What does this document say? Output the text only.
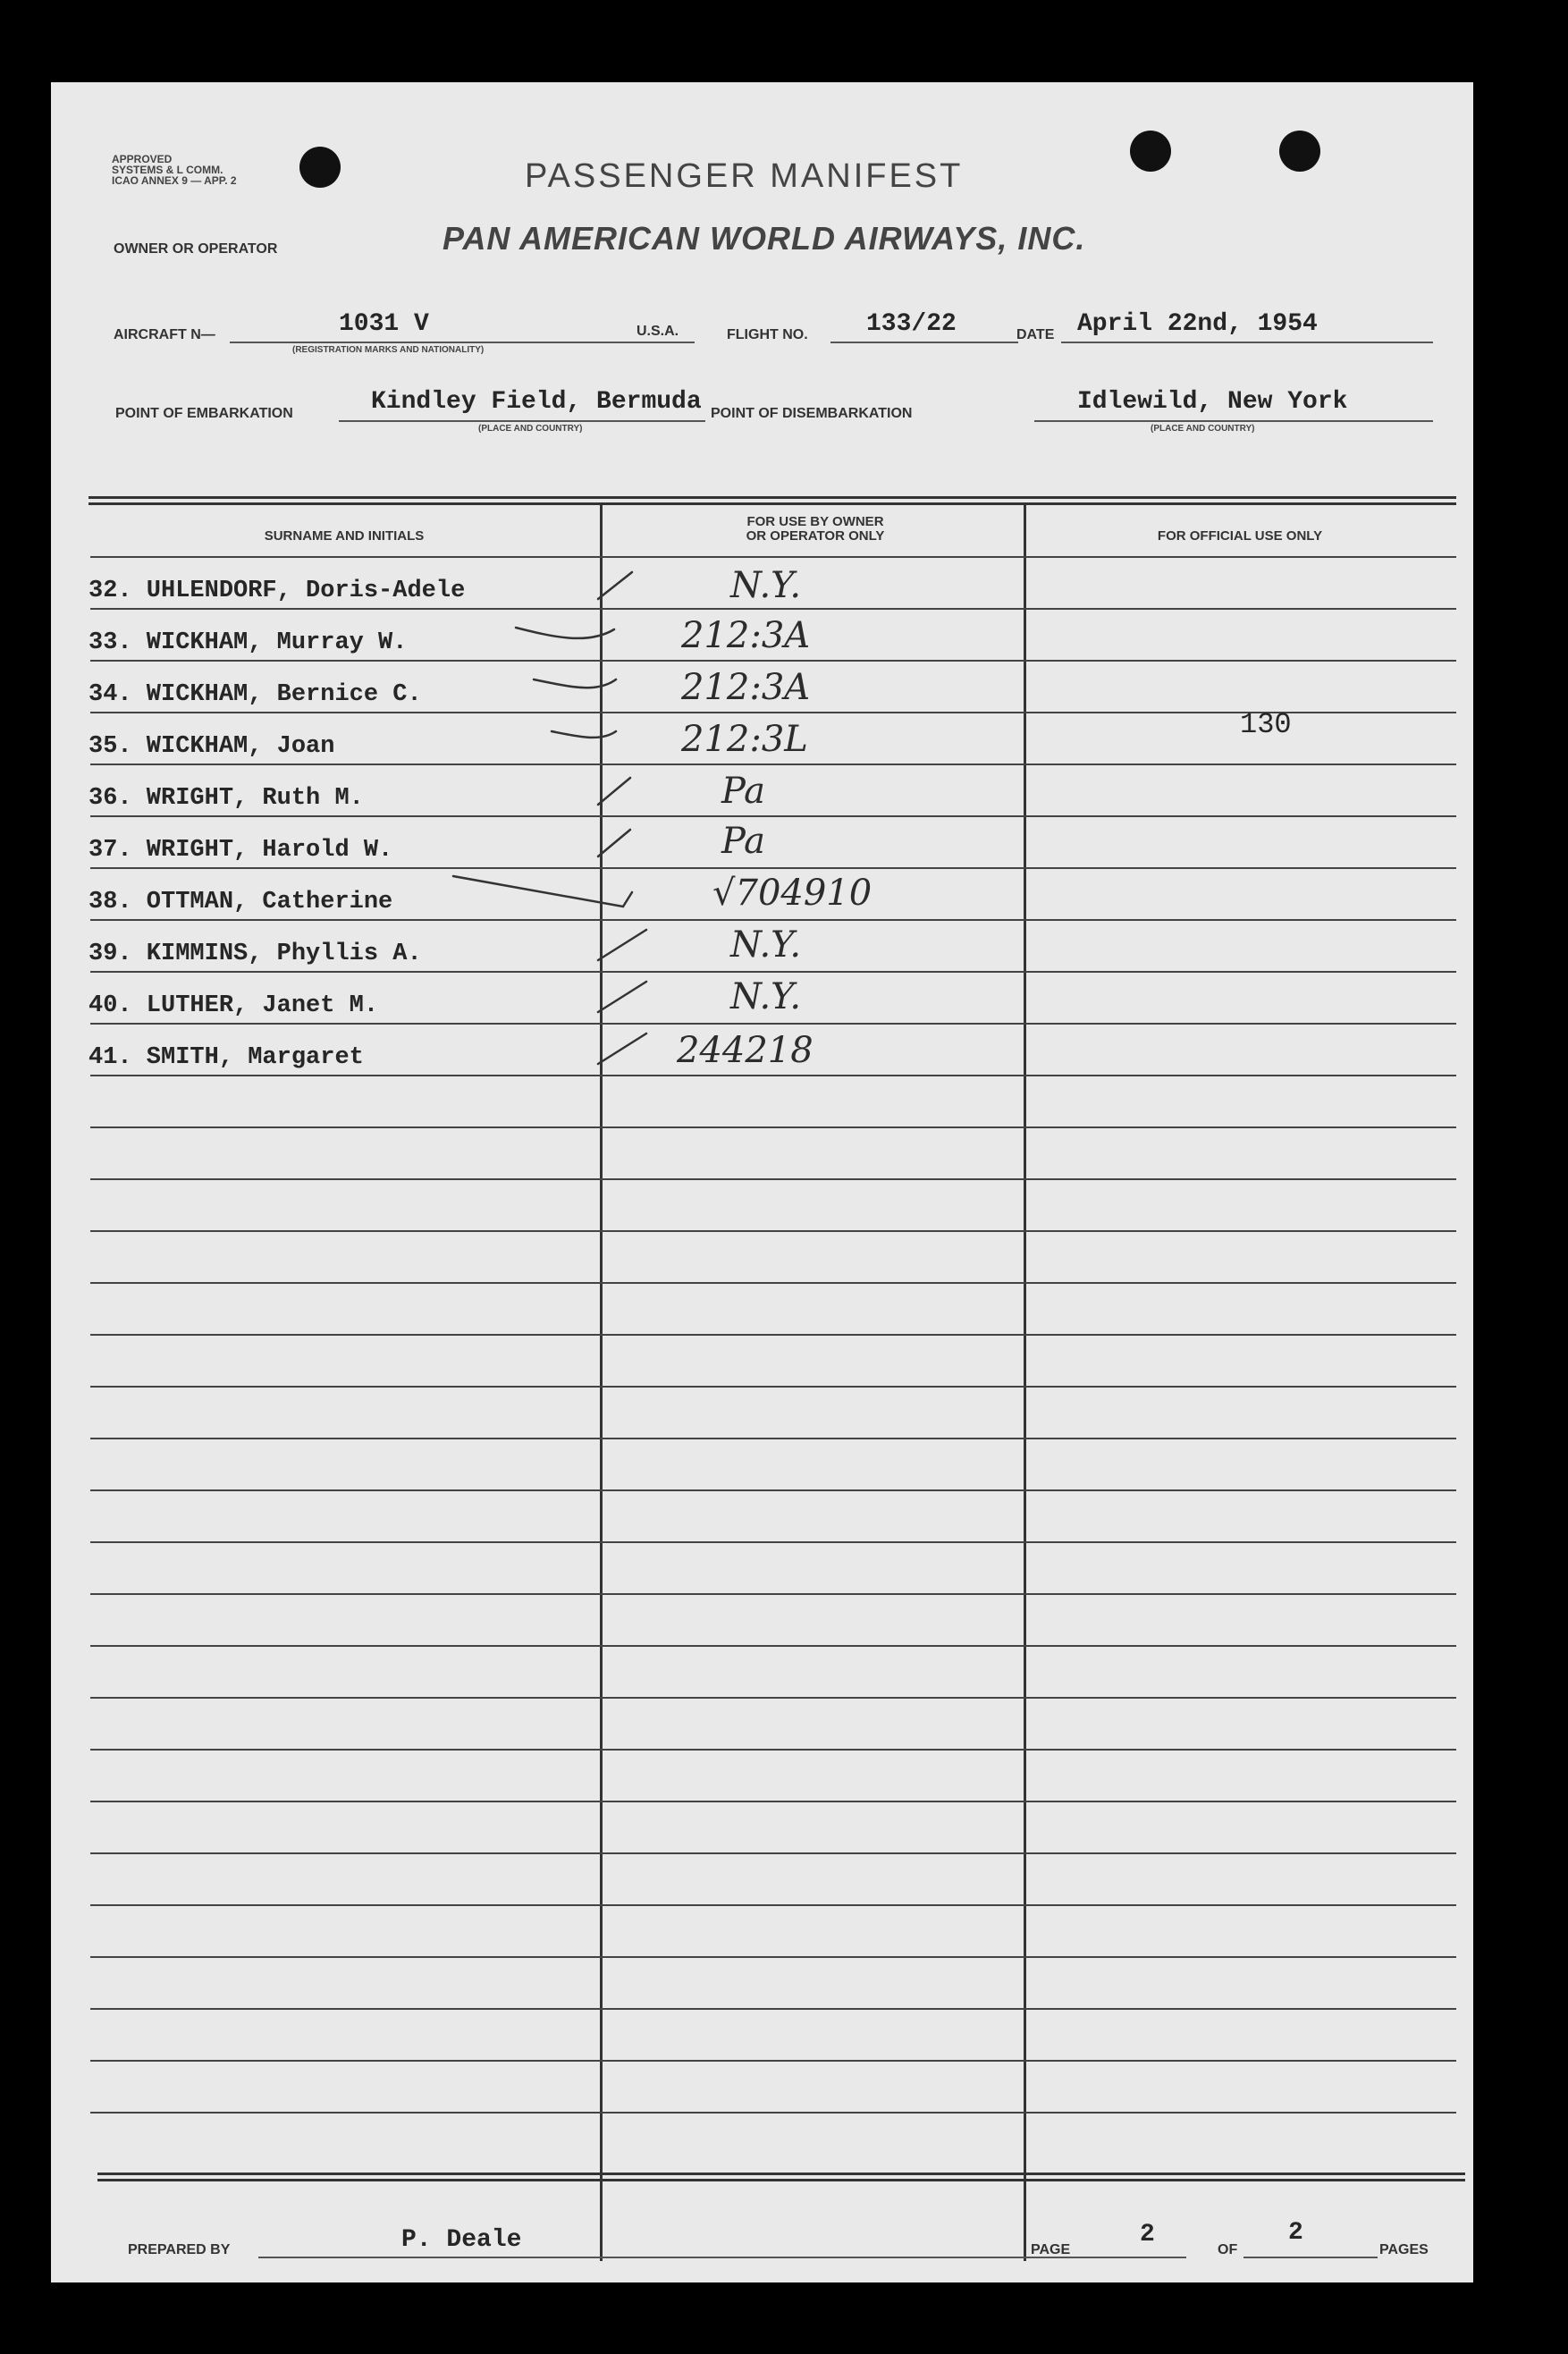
APPROVED
SYSTEMS & L COMM.
ICAO ANNEX 9 — APP. 2	PASSENGER MANIFEST
OWNER OR OPERATOR	PAN AMERICAN WORLD AIRWAYS, INC.
AIRCRAFT N—	1031 V
(REGISTRATION MARKS AND NATIONALITY)
U.S.A.	FLIGHT NO. 133/22	DATE April 22nd, 1954
POINT OF EMBARKATION	Kindley Field, Bermuda
(PLACE AND COUNTRY)
POINT OF DISEMBARKATION	Idlewild, New York
(PLACE AND COUNTRY)
SURNAME AND INITIALS
FOR USE BY OWNER
OR OPERATOR ONLY	FOR OFFICIAL USE ONLY
32. UHLENDORF, Doris-Adele	N.Y.
33. WICKHAM, Murray W.	212:3A
34. WICKHAM, Bernice C.	212:3A
35. WICKHAM, Joan	212:3L	130
36. WRIGHT, Ruth M.	Pa
37. WRIGHT, Harold W.	Pa
38. OTTMAN, Catherine	√704910
39. KIMMINS, Phyllis A.	N.Y.
40. LUTHER, Janet M.	N.Y.
41. SMITH, Margaret	244218
PREPARED BY	P. Deale	PAGE
2
OF
2
PAGES
